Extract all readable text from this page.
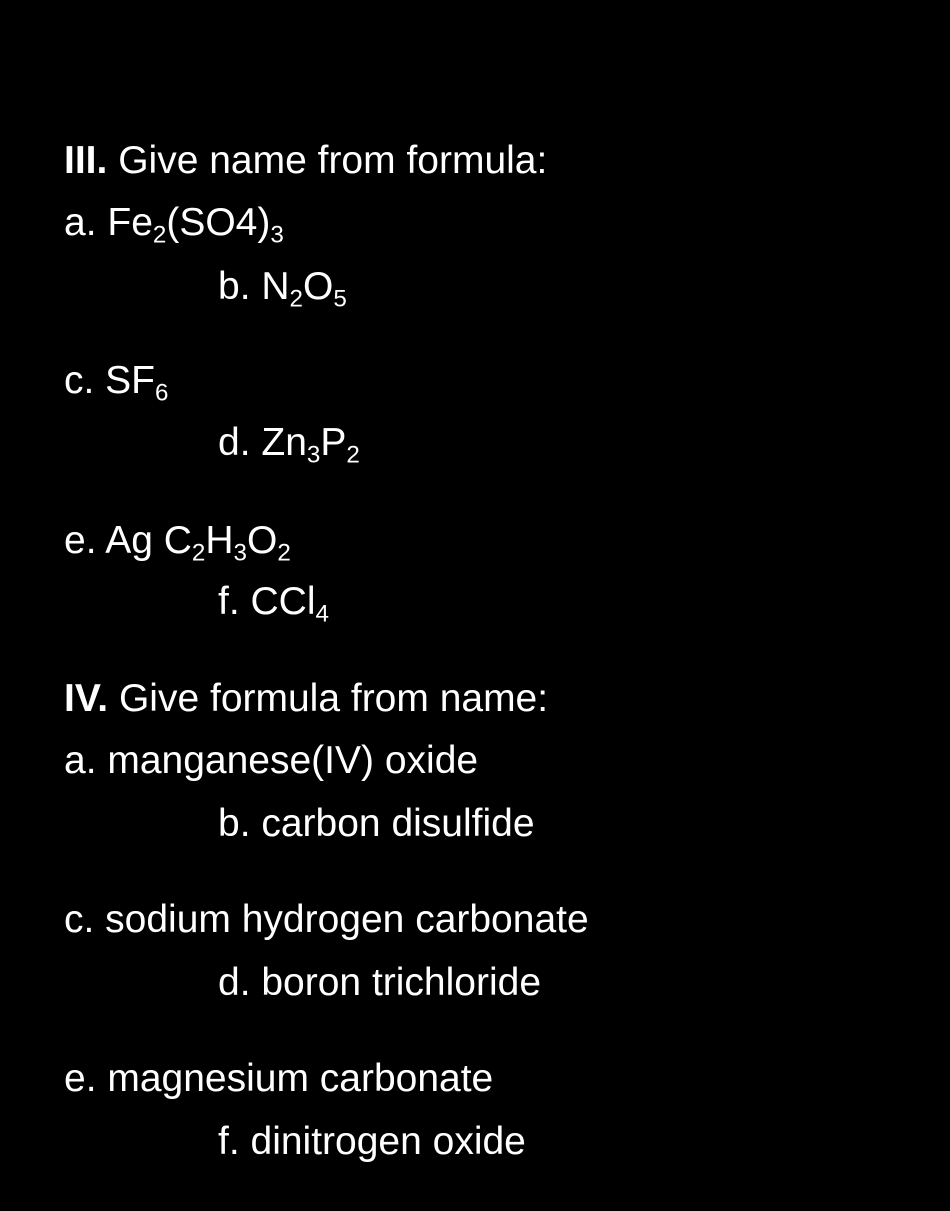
III. Give name from formula:
a. $Fe_2(SO4)_3$
b. $N_2O_5$
c. $SF_6$
d. $Zn_3P_2$
e. Ag $C_2H_3O_2$
f. CCl$_4$
IV. Give formula from name:
a. manganese(IV) oxide
b. carbon disulfide
c. sodium hydrogen carbonate
d. boron trichloride
e. magnesium carbonate
f. dinitrogen oxide
